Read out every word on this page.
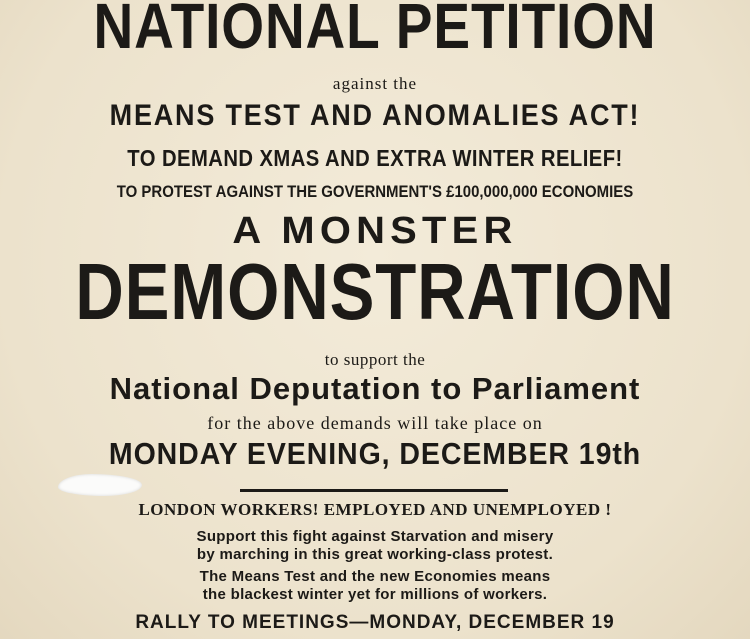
NATIONAL PETITION
against the
MEANS TEST AND ANOMALIES ACT!
TO DEMAND XMAS AND EXTRA WINTER RELIEF!
TO PROTEST AGAINST THE GOVERNMENT'S £100,000,000 ECONOMIES
A MONSTER
DEMONSTRATION
to support the
National Deputation to Parliament
for the above demands will take place on
MONDAY EVENING, DECEMBER 19th
LONDON WORKERS! EMPLOYED AND UNEMPLOYED !
Support this fight against Starvation and misery
by marching in this great working-class protest.
The Means Test and the new Economies means
the blackest winter yet for millions of workers.
RALLY TO MEETINGS—MONDAY, DECEMBER 19
